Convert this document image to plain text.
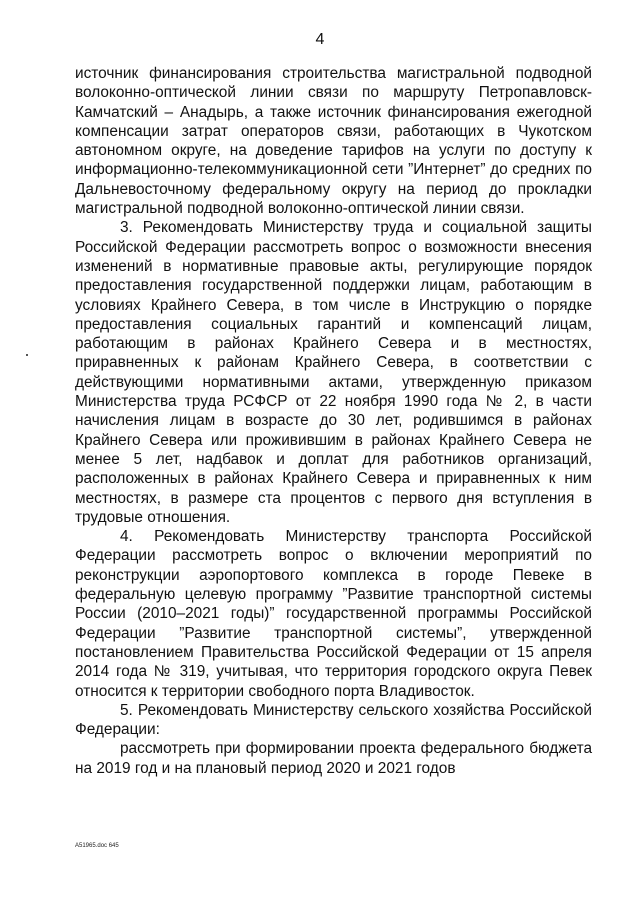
4

источник финансирования строительства магистральной подводной волоконно-оптической линии связи по маршруту Петропавловск-Камчатский – Анадырь, а также источник финансирования ежегодной компенсации затрат операторов связи, работающих в Чукотском автономном округе, на доведение тарифов на услуги по доступу к информационно-телекоммуникационной сети ”Интернет” до средних по Дальневосточному федеральному округу на период до прокладки магистральной подводной волоконно-оптической линии связи.

3. Рекомендовать Министерству труда и социальной защиты Российской Федерации рассмотреть вопрос о возможности внесения изменений в нормативные правовые акты, регулирующие порядок предоставления государственной поддержки лицам, работающим в условиях Крайнего Севера, в том числе в Инструкцию о порядке предоставления социальных гарантий и компенсаций лицам, работающим в районах Крайнего Севера и в местностях, приравненных к районам Крайнего Севера, в соответствии с действующими нормативными актами, утвержденную приказом Министерства труда РСФСР от 22 ноября 1990 года № 2, в части начисления лицам в возрасте до 30 лет, родившимся в районах Крайнего Севера или проживившим в районах Крайнего Севера не менее 5 лет, надбавок и доплат для работников организаций, расположенных в районах Крайнего Севера и приравненных к ним местностях, в размере ста процентов с первого дня вступления в трудовые отношения.

4. Рекомендовать Министерству транспорта Российской Федерации рассмотреть вопрос о включении мероприятий по реконструкции аэропортового комплекса в городе Певеке в федеральную целевую программу ”Развитие транспортной системы России (2010–2021 годы)” государственной программы Российской Федерации ”Развитие транспортной системы”, утвержденной постановлением Правительства Российской Федерации от 15 апреля 2014 года № 319, учитывая, что территория городского округа Певек относится к территории свободного порта Владивосток.

5. Рекомендовать Министерству сельского хозяйства Российской Федерации:

рассмотреть при формировании проекта федерального бюджета на 2019 год и на плановый период 2020 и 2021 годов

А51965.doc 645
